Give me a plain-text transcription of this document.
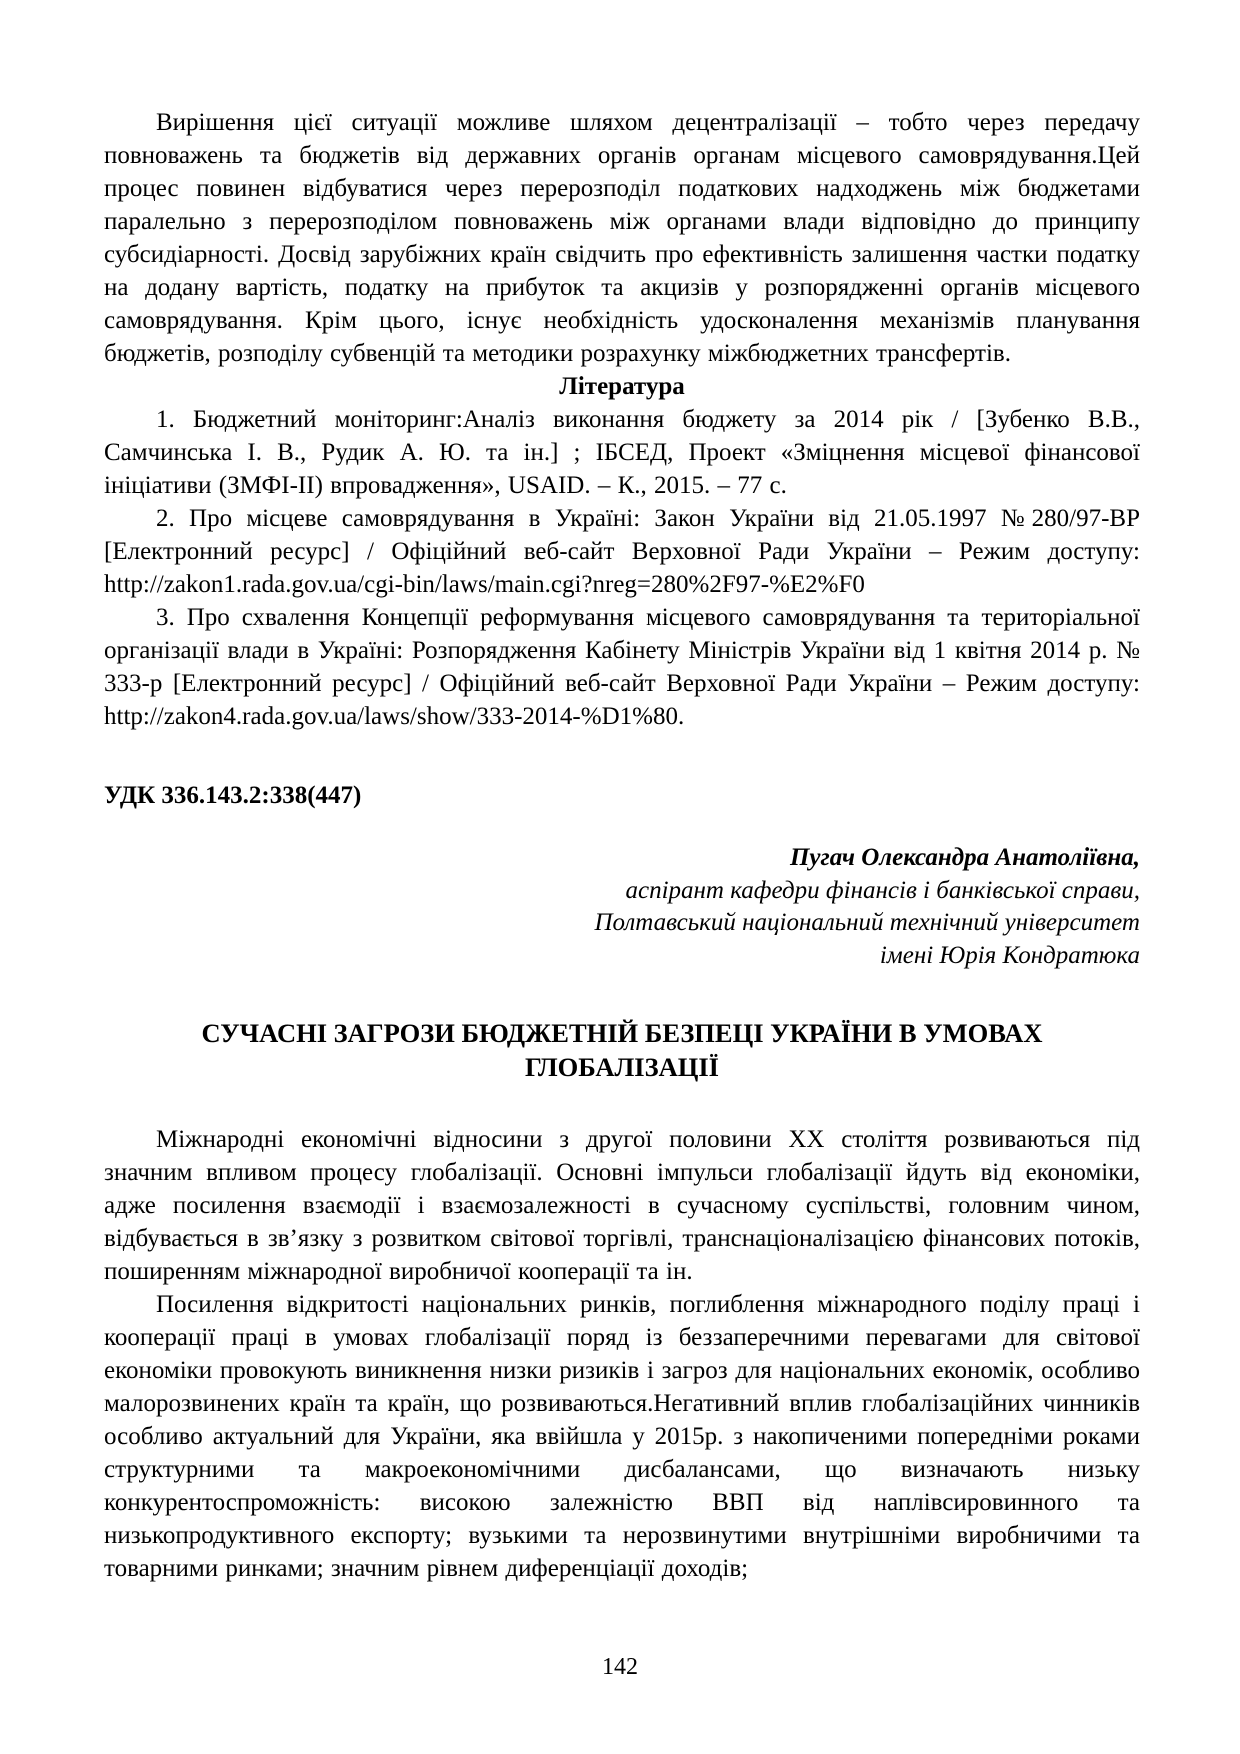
Вирішення цієї ситуації можливе шляхом децентралізації – тобто через передачу повноважень та бюджетів від державних органів органам місцевого самоврядування.Цей процес повинен відбуватися через перерозподіл податкових надходжень між бюджетами паралельно з перерозподілом повноважень між органами влади відповідно до принципу субсидіарності. Досвід зарубіжних країн свідчить про ефективність залишення частки податку на додану вартість, податку на прибуток та акцизів у розпорядженні органів місцевого самоврядування. Крім цього, існує необхідність удосконалення механізмів планування бюджетів, розподілу субвенцій та методики розрахунку міжбюджетних трансфертів.

Література

1. Бюджетний моніторинг:Аналіз виконання бюджету за 2014 рік / [Зубенко В.В., Самчинська І. В., Рудик А. Ю. та ін.] ; ІБСЕД, Проект «Зміцнення місцевої фінансової ініціативи (ЗМФІ-ІІ) впровадження», USAID. – К., 2015. – 77 с.

2. Про місцеве самоврядування в Україні: Закон України від 21.05.1997 №280/97-ВР [Електронний ресурс] / Офіційний веб-сайт Верховної Ради України – Режим доступу: http://zakon1.rada.gov.ua/cgi-bin/laws/main.cgi?nreg=280%2F97-%E2%F0

3. Про схвалення Концепції реформування місцевого самоврядування та територіальної організації влади в Україні: Розпорядження Кабінету Міністрів України від 1 квітня 2014 р. № 333-р [Електронний ресурс] / Офіційний веб-сайт Верховної Ради України – Режим доступу: http://zakon4.rada.gov.ua/laws/show/333-2014-%D1%80.

УДК 336.143.2:338(447)

Пугач Олександра Анатоліївна,
аспірант кафедри фінансів і банківської справи,
Полтавський національний технічний університет
імені Юрія Кондратюка
СУЧАСНІ ЗАГРОЗИ БЮДЖЕТНІЙ БЕЗПЕЦІ УКРАЇНИ В УМОВАХ ГЛОБАЛІЗАЦІЇ

Міжнародні економічні відносини з другої половини ХХ століття розвиваються під значним впливом процесу глобалізації. Основні імпульси глобалізації йдуть від економіки, адже посилення взаємодії і взаємозалежності в сучасному суспільстві, головним чином, відбувається в зв’язку з розвитком світової торгівлі, транснаціоналізацією фінансових потоків, поширенням міжнародної виробничої кооперації та ін.

Посилення відкритості національних ринків, поглиблення міжнародного поділу праці і кооперації праці в умовах глобалізації поряд із беззаперечними перевагами для світової економіки провокують виникнення низки ризиків і загроз для національних економік, особливо малорозвинених країн та країн, що розвиваються.Негативний вплив глобалізаційних чинників особливо актуальний для України, яка ввійшла у 2015р. з накопиченими попередніми роками структурними та макроекономічними дисбалансами, що визначають низьку конкурентоспроможність: високою залежністю ВВП від наплівсировинного та низькопродуктивного експорту; вузькими та нерозвинутими внутрішніми виробничими та товарними ринками; значним рівнем диференціації доходів;

142
